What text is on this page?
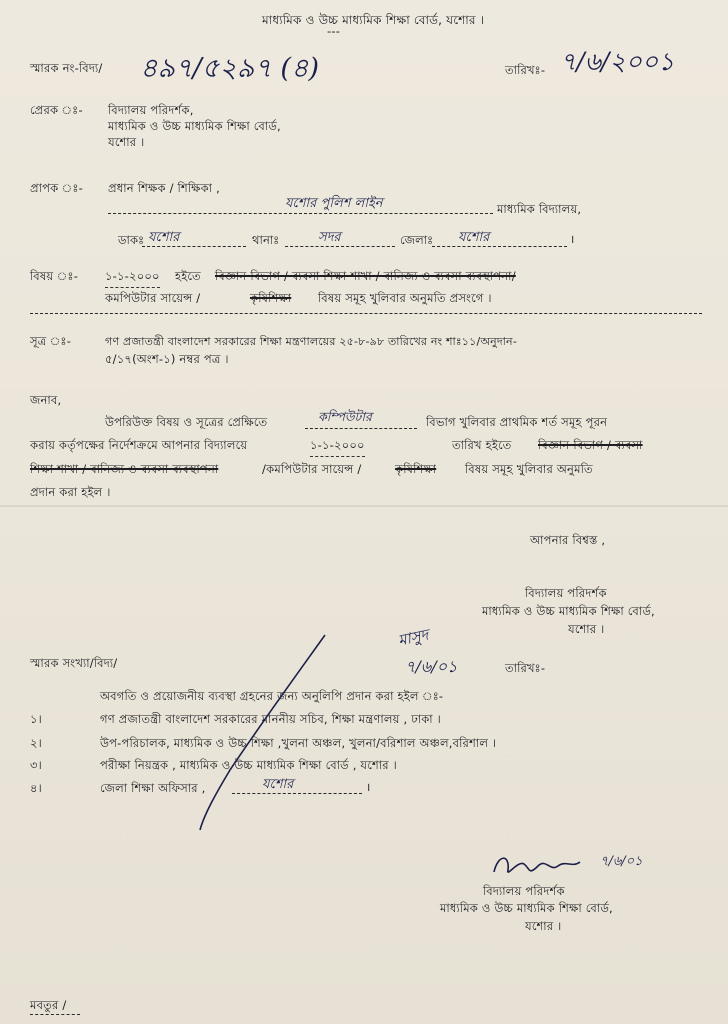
মাধ্যমিক ও উচ্চ মাধ্যমিক শিক্ষা বোর্ড, যশোর ।
---
স্মারক নং-বিদ্য/ ৪৯৭/৫২৯৭ (৪)	তারিখঃ- ৭/৬/২০০১
প্রেরক ঃ- বিদ্যালয় পরিদর্শক,
মাধ্যমিক ও উচ্চ মাধ্যমিক শিক্ষা বোর্ড,
যশোর ।
প্রাপক ঃ- প্রধান শিক্ষক / শিক্ষিকা ,
যশোর পুলিশ লাইন	মাধ্যমিক বিদ্যালয়,
ডাকঃ যশোর	থানাঃ	সদর	জেলাঃ যশোর	।
বিষয় ঃ- ১-১-২০০০ হইতে বিজ্ঞান বিভাগ / ব্যবসা শিক্ষা শাখা / বানিজ্য ও ব্যবসা ব্যবস্থাপনা/
কমপিউটার সায়েন্স /	কৃষিশিক্ষা বিষয় সমূহ খুলিবার অনুমতি প্রসংগে ।
সূত্র ঃ-	গণ প্রজাতন্ত্রী বাংলাদেশ সরকারের শিক্ষা মন্ত্রণালয়ের ২৫-৮-৯৮ তারিখের নং শাঃ১১/অনুদান-
৫/১৭(অংশ-১) নম্বর পত্র ।
জনাব,
উপরিউক্ত বিষয় ও সূত্রের প্রেক্ষিতে	কম্পিউটার	বিভাগ খুলিবার প্রাথমিক শর্ত সমূহ পূরন
করায় কর্তৃপক্ষের নির্দেশক্রমে আপনার বিদ্যালয়ে	১-১-২০০০	তারিখ হইতে বিজ্ঞান বিভাগ / ব্যবসা
শিক্ষা শাখা / বানিজ্য ও ব্যবসা ব্যবস্থাপনা	/কমপিউটার সায়েন্স /	কৃষিশিক্ষা	বিষয় সমূহ খুলিবার অনুমতি
প্রদান করা হইল ।
আপনার বিশ্বস্ত ,
বিদ্যালয় পরিদর্শক
মাধ্যমিক ও উচ্চ মাধ্যমিক শিক্ষা বোর্ড,
যশোর ।
স্মারক সংখ্যা/বিদ্য/
মাসুদ
৭/৬/০১	তারিখঃ-
অবগতি ও প্রয়োজনীয় ব্যবস্থা গ্রহনের জন্য অনুলিপি প্রদান করা হইল ঃ-
১।	গণ প্রজাতন্ত্রী বাংলাদেশ সরকারের মাননীয় সচিব, শিক্ষা মন্ত্রণালয় , ঢাকা ।
২।	উপ-পরিচালক, মাধ্যমিক ও উচ্চ শিক্ষা ,খুলনা অঞ্চল, খুলনা/বরিশাল অঞ্চল,বরিশাল ।
৩।	পরীক্ষা নিয়ন্ত্রক , মাধ্যমিক ও উচ্চ মাধ্যমিক শিক্ষা বোর্ড , যশোর ।
৪।	জেলা শিক্ষা অফিসার ,	যশোর	।
৭/৬/০১
বিদ্যালয় পরিদর্শক
মাধ্যমিক ও উচ্চ মাধ্যমিক শিক্ষা বোর্ড,
যশোর ।
মবতুর /
